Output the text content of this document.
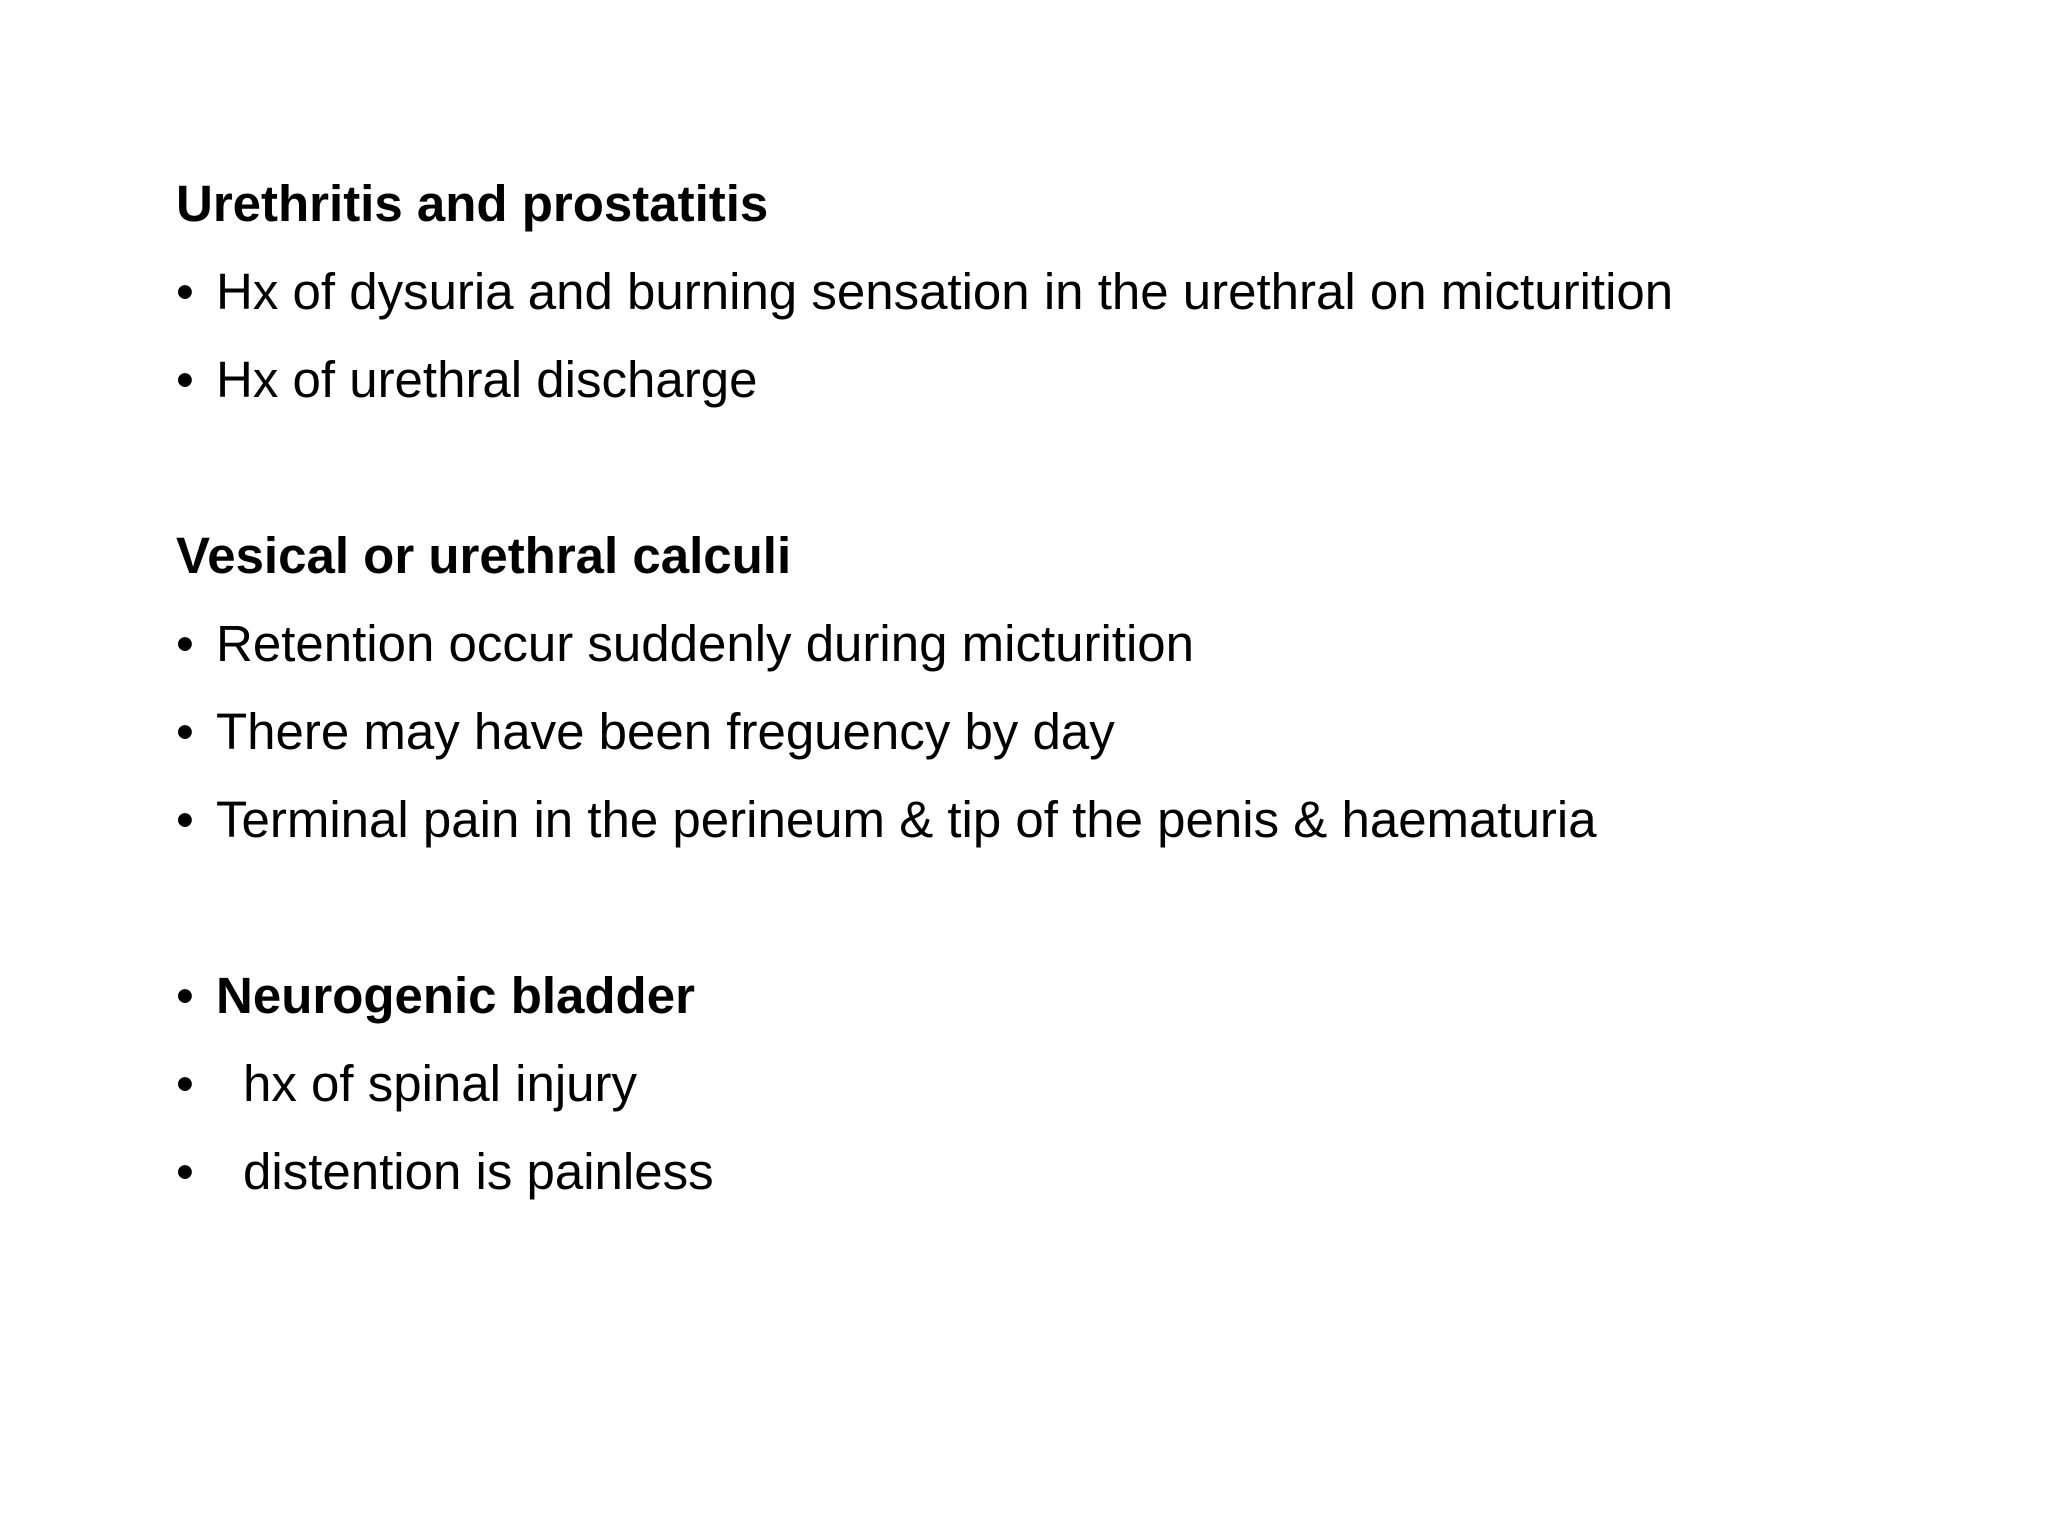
Urethritis and prostatitis
• Hx of dysuria and burning sensation in the urethral on micturition
• Hx of urethral discharge
Vesical or urethral calculi
• Retention occur suddenly during micturition
• There may have been freguency by day
• Terminal pain in the perineum & tip of the penis & haematuria
• Neurogenic bladder
• hx of spinal injury
• distention is painless
